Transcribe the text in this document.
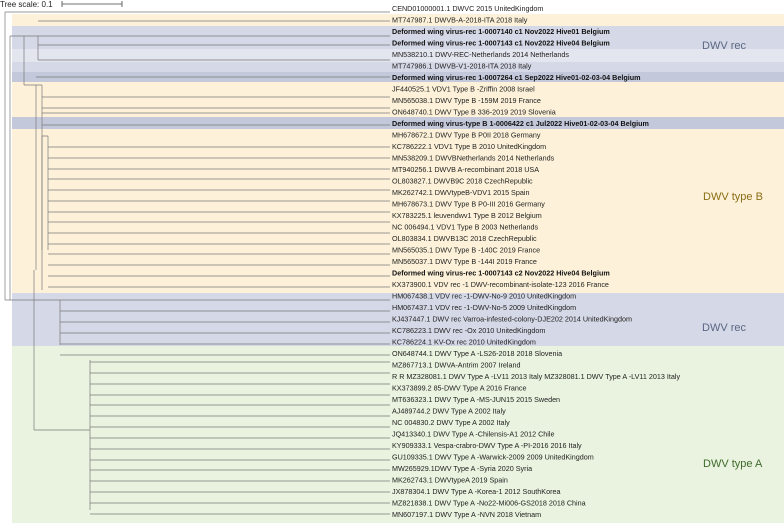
Tree scale: 0.1	CEND01000001.1 DWVC 2015 UnitedKingdom
MT747987.1 DWVB-A-2018-ITA 2018 Italy
Deformed wing virus-rec 1-0007140 c1 Nov2022 Hive01 Belgium
Deformed wing virus-rec 1-0007143 c1 Nov2022 Hive04 Belgium
MN538210.1 DWV-REC-Netherlands 2014 Netherlands
MT747986.1 DWVB-V1-2018-ITA 2018 Italy
Deformed wing virus-rec 1-0007264 c1 Sep2022 Hive01-02-03-04 Belgium
JF440525.1 VDV1 Type B -Zriffin 2008 Israel
MN565038.1 DWV Type B -159M 2019 France
ON648740.1 DWV Type B 336-2019 2019 Slovenia
Deformed wing virus-type B 1-0006422 c1 Jul2022 Hive01-02-03-04 Belgium
MH678672.1 DWV Type B P0II 2018 Germany
KC786222.1 VDV1 Type B 2010 UnitedKingdom
MN538209.1 DWVBNetherlands 2014 Netherlands
MT940256.1 DWVB A-recombinant 2018 USA
OL803827.1 DWVB9C 2018 CzechRepublic
MK262742.1 DWVtypeB-VDV1 2015 Spain
MH678673.1 DWV Type B P0-III 2016 Germany
KX783225.1 leuvendwv1 Type B 2012 Belgium
NC 006494.1 VDV1 Type B 2003 Netherlands
OL803834.1 DWVB13C 2018 CzechRepublic
MN565035.1 DWV Type B -140C 2019 France
MN565037.1 DWV Type B -144I 2019 France
Deformed wing virus-rec 1-0007143 c2 Nov2022 Hive04 Belgium
KX373900.1 VDV rec -1 DWV-recombinant-isolate-123 2016 France
HM067438.1 VDV rec -1-DWV-No-9 2010 UnitedKingdom
HM067437.1 VDV rec -1-DWV-No-5 2009 UnitedKingdom
KJ437447.1 DWV rec Varroa-infested-colony-DJE202 2014 UnitedKingdom
KC786223.1 DWV rec -Ox 2010 UnitedKingdom
KC786224.1 KV-Ox rec 2010 UnitedKingdom
ON648744.1 DWV Type A -LS26-2018 2018 Slovenia
MZ867713.1 DWVA-Antrim 2007 Ireland
R R MZ328081.1 DWV Type A -LV11 2013 Italy MZ328081.1 DWV Type A -LV11 2013 Italy
KX373899.2 85-DWV Type A 2016 France
MT636323.1 DWV Type A -MS-JUN15 2015 Sweden
AJ489744.2 DWV Type A 2002 Italy
NC 004830.2 DWV Type A 2002 Italy
JQ413340.1 DWV Type A -Chilensis-A1 2012 Chile
KY909333.1 Vespa-crabro-DWV Type A -PI-2016 2016 Italy
GU109335.1 DWV Type A -Warwick-2009 2009 UnitedKingdom
MW265929.1DWV Type A -Syria 2020 Syria
MK262743.1 DWVtypeA 2019 Spain
JX878304.1 DWV Type A -Korea-1 2012 SouthKorea
MZ821838.1 DWV Type A -No22-Mi006-GS2018 2018 China
MN607197.1 DWV Type A -NVN 2018 Vietnam
DWV rec
DWV type B
DWV rec
DWV type A
